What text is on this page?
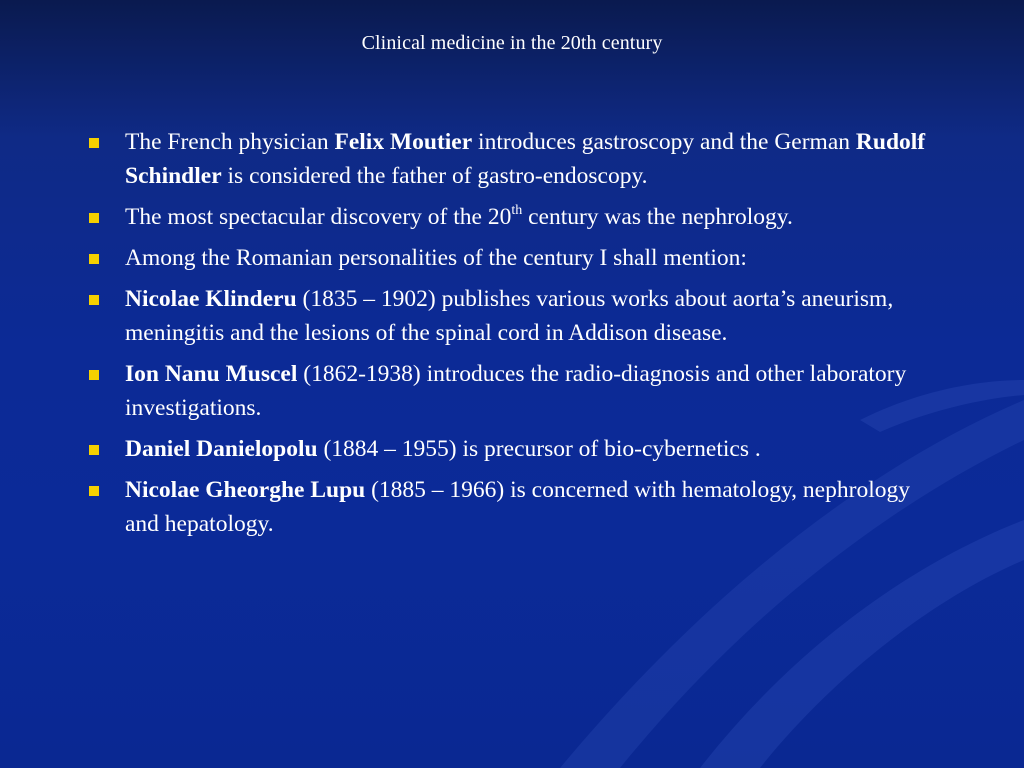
Clinical medicine in the 20th century
The French physician Felix Moutier introduces gastroscopy and the German Rudolf Schindler is considered the father of gastro-endoscopy.
The most spectacular discovery of the 20th century was the nephrology.
Among the Romanian personalities of the century I shall mention:
Nicolae Klinderu (1835 – 1902) publishes various works about aorta’s aneurism, meningitis and the lesions of the spinal cord in Addison disease.
Ion Nanu Muscel (1862-1938) introduces the radio-diagnosis and other laboratory investigations.
Daniel Danielopolu (1884 – 1955) is precursor of bio-cybernetics .
Nicolae Gheorghe Lupu (1885 – 1966) is concerned with hematology, nephrology and hepatology.
